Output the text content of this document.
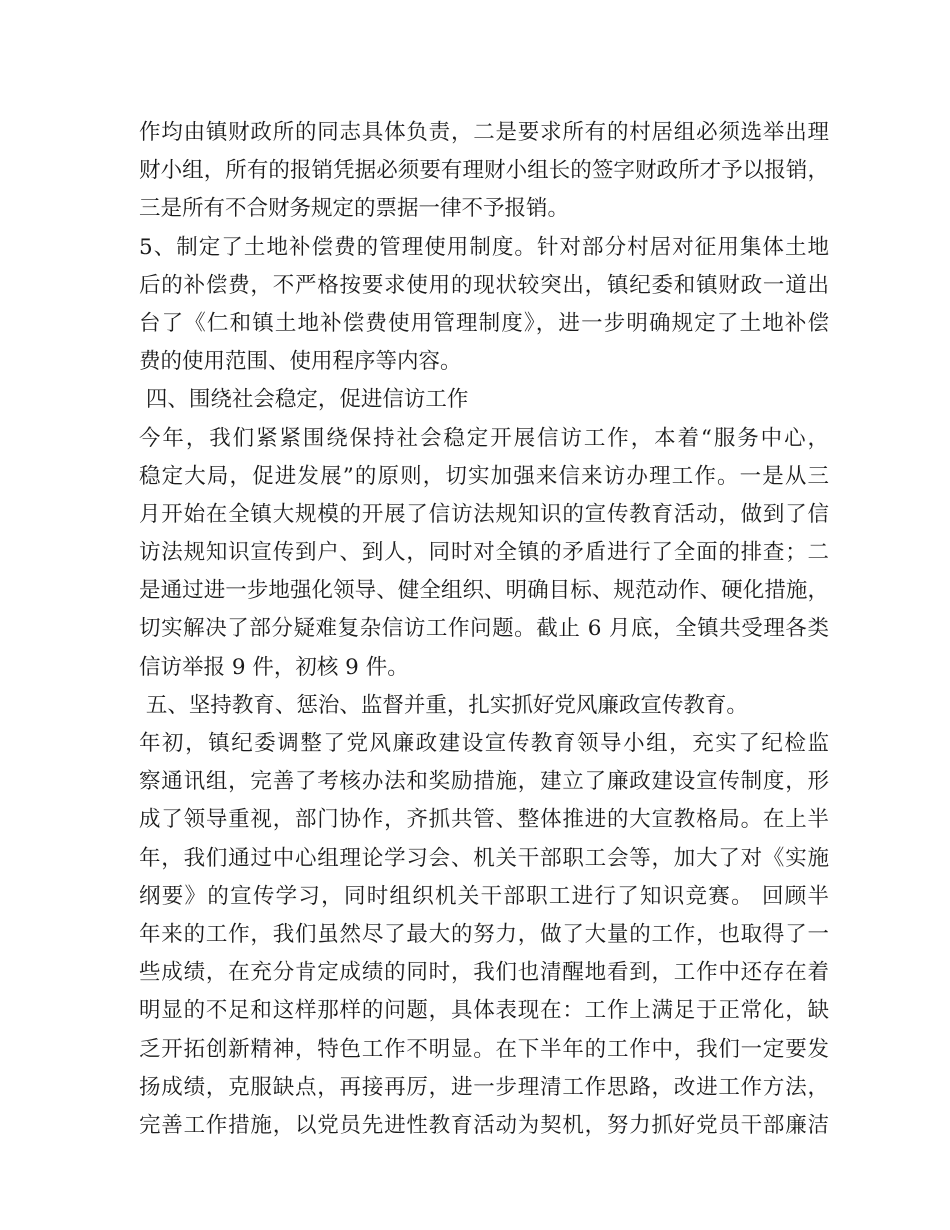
作均由镇财政所的同志具体负责，二是要求所有的村居组必须选举出理
财小组，所有的报销凭据必须要有理财小组长的签字财政所才予以报销，
三是所有不合财务规定的票据一律不予报销。
5、制定了土地补偿费的管理使用制度。针对部分村居对征用集体土地
后的补偿费，不严格按要求使用的现状较突出，镇纪委和镇财政一道出
台了《仁和镇土地补偿费使用管理制度》，进一步明确规定了土地补偿
费的使用范围、使用程序等内容。
四、围绕社会稳定，促进信访工作
今年，我们紧紧围绕保持社会稳定开展信访工作，本着“服务中心，
稳定大局，促进发展”的原则，切实加强来信来访办理工作。一是从三
月开始在全镇大规模的开展了信访法规知识的宣传教育活动，做到了信
访法规知识宣传到户、到人，同时对全镇的矛盾进行了全面的排查；二
是通过进一步地强化领导、健全组织、明确目标、规范动作、硬化措施，
切实解决了部分疑难复杂信访工作问题。截止 6 月底，全镇共受理各类
信访举报 9 件，初核 9 件。
五、坚持教育、惩治、监督并重，扎实抓好党风廉政宣传教育。
年初，镇纪委调整了党风廉政建设宣传教育领导小组，充实了纪检监
察通讯组，完善了考核办法和奖励措施，建立了廉政建设宣传制度，形
成了领导重视，部门协作，齐抓共管、整体推进的大宣教格局。在上半
年，我们通过中心组理论学习会、机关干部职工会等，加大了对《实施
纲要》的宣传学习，同时组织机关干部职工进行了知识竞赛。 回顾半
年来的工作，我们虽然尽了最大的努力，做了大量的工作，也取得了一
些成绩，在充分肯定成绩的同时，我们也清醒地看到，工作中还存在着
明显的不足和这样那样的问题，具体表现在：工作上满足于正常化，缺
乏开拓创新精神，特色工作不明显。在下半年的工作中，我们一定要发
扬成绩，克服缺点，再接再厉，进一步理清工作思路，改进工作方法，
完善工作措施，以党员先进性教育活动为契机，努力抓好党员干部廉洁
